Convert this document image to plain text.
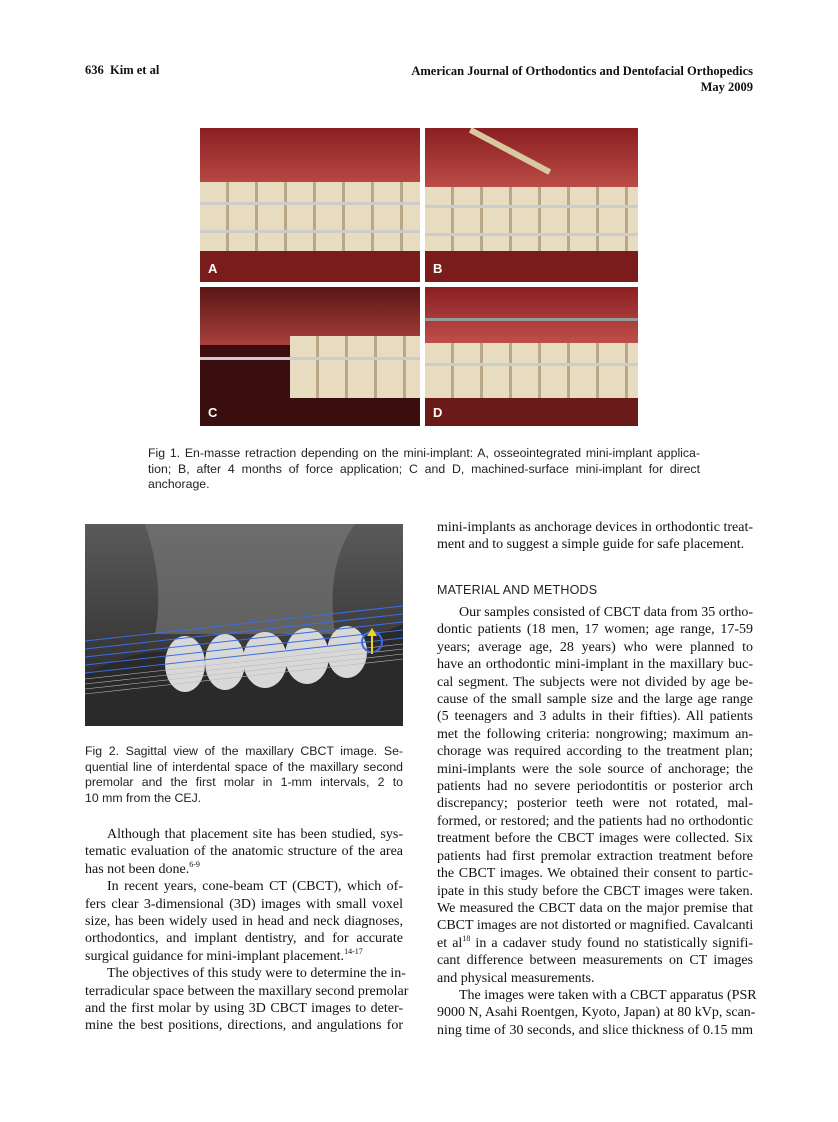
636 Kim et al	American Journal of Orthodontics and Dentofacial Orthopedics
May 2009
A	B
C	D
Fig 1. En-masse retraction depending on the mini-implant: A, osseointegrated mini-implant applica-
tion; B, after 4 months of force application; C and D, machined-surface mini-implant for direct
anchorage.
Fig 2. Sagittal view of the maxillary CBCT image. Se-
quential line of interdental space of the maxillary second
premolar and the first molar in 1-mm intervals, 2 to
10 mm from the CEJ.
Although that placement site has been studied, sys-
tematic evaluation of the anatomic structure of the area
has not been done.$^{6-9}$
In recent years, cone-beam CT (CBCT), which of-
fers clear 3-dimensional (3D) images with small voxel
size, has been widely used in head and neck diagnoses,
orthodontics, and implant dentistry, and for accurate
surgical guidance for mini-implant placement.$^{14-17}$
The objectives of this study were to determine the in-
terradicular space between the maxillary second premolar
and the first molar by using 3D CBCT images to deter-
mine the best positions, directions, and angulations for
mini-implants as anchorage devices in orthodontic treat-
ment and to suggest a simple guide for safe placement.
MATERIAL AND METHODS
Our samples consisted of CBCT data from 35 ortho-
dontic patients (18 men, 17 women; age range, 17-59
years; average age, 28 years) who were planned to
have an orthodontic mini-implant in the maxillary buc-
cal segment. The subjects were not divided by age be-
cause of the small sample size and the large age range
(5 teenagers and 3 adults in their fifties). All patients
met the following criteria: nongrowing; maximum an-
chorage was required according to the treatment plan;
mini-implants were the sole source of anchorage; the
patients had no severe periodontitis or posterior arch
discrepancy; posterior teeth were not rotated, mal-
formed, or restored; and the patients had no orthodontic
treatment before the CBCT images were collected. Six
patients had first premolar extraction treatment before
the CBCT images. We obtained their consent to partic-
ipate in this study before the CBCT images were taken.
We measured the CBCT data on the major premise that
CBCT images are not distorted or magnified. Cavalcanti
et $al^{18}$ in a cadaver study found no statistically signifi-
cant difference between measurements on CT images
and physical measurements.
The images were taken with a CBCT apparatus (PSR
9000 N, Asahi Roentgen, Kyoto, Japan) at 80 kVp, scan-
ning time of 30 seconds, and slice thickness of 0.15 mm
